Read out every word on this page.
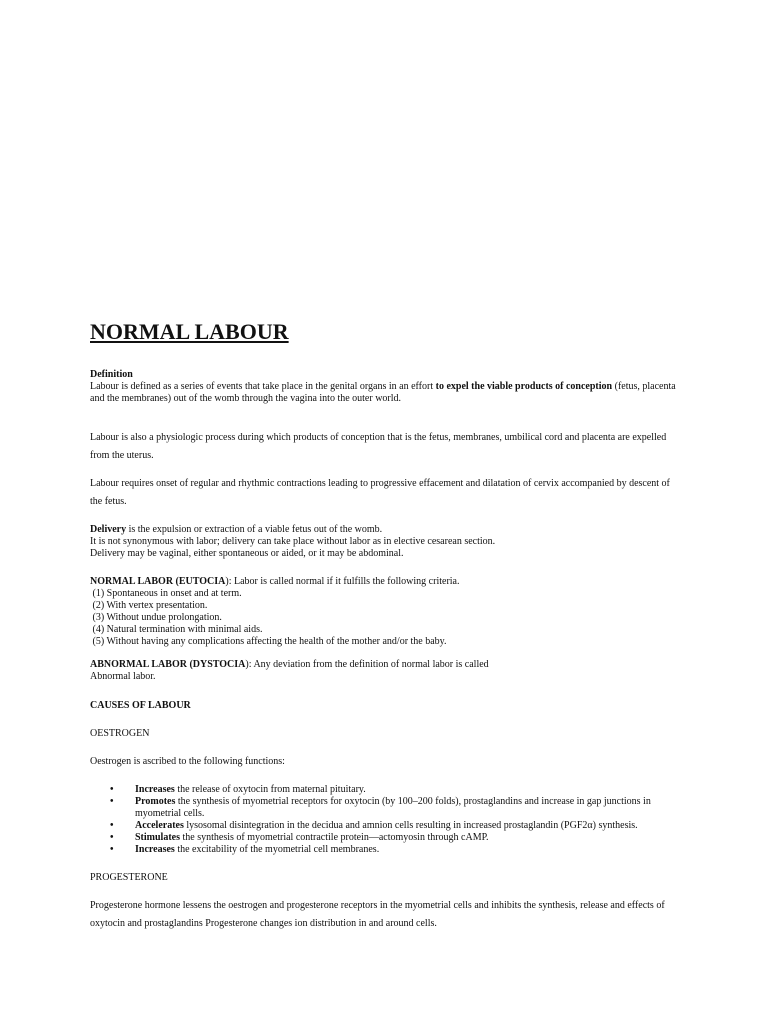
NORMAL LABOUR
Definition
Labour is defined as a series of events that take place in the genital organs in an effort to expel the viable products of conception (fetus, placenta and the membranes) out of the womb through the vagina into the outer world.

Labour is also a physiologic process during which products of conception that is the fetus, membranes, umbilical cord and placenta are expelled from the uterus.

Labour requires onset of regular and rhythmic contractions leading to progressive effacement and dilatation of cervix accompanied by descent of the fetus.

Delivery is the expulsion or extraction of a viable fetus out of the womb.
It is not synonymous with labor; delivery can take place without labor as in elective cesarean section.
Delivery may be vaginal, either spontaneous or aided, or it may be abdominal.
NORMAL LABOR (EUTOCIA): Labor is called normal if it fulfills the following criteria.
(1) Spontaneous in onset and at term.
(2) With vertex presentation.
(3) Without undue prolongation.
(4) Natural termination with minimal aids.
(5) Without having any complications affecting the health of the mother and/or the baby.
ABNORMAL LABOR (DYSTOCIA): Any deviation from the definition of normal labor is called
Abnormal labor.
CAUSES OF LABOUR
OESTROGEN
Oestrogen is ascribed to the following functions:
• Increases the release of oxytocin from maternal pituitary.
• Promotes the synthesis of myometrial receptors for oxytocin (by 100–200 folds), prostaglandins and increase in gap junctions in myometrial cells.
• Accelerates lysosomal disintegration in the decidua and amnion cells resulting in increased prostaglandin (PGF2α) synthesis.
• Stimulates the synthesis of myometrial contractile protein—actomyosin through cAMP.
• Increases the excitability of the myometrial cell membranes.
PROGESTERONE

Progesterone hormone lessens the oestrogen and progesterone receptors in the myometrial cells and inhibits the synthesis, release and effects of oxytocin and prostaglandins Progesterone changes ion distribution in and around cells.
